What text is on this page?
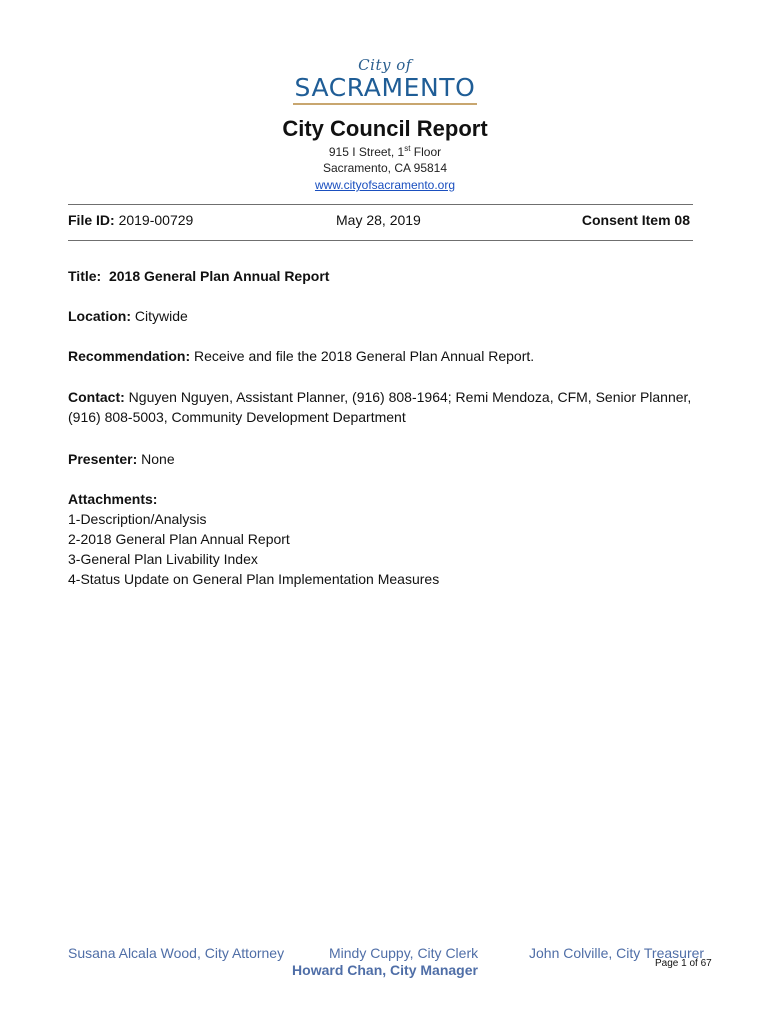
City of
SACRAMENTO
City Council Report
915 I Street, 1st Floor
Sacramento, CA 95814
www.cityofsacramento.org
File ID: 2019-00729	May 28, 2019	Consent Item 08
Title: 2018 General Plan Annual Report
Location: Citywide
Recommendation: Receive and file the 2018 General Plan Annual Report.
Contact: Nguyen Nguyen, Assistant Planner, (916) 808-1964; Remi Mendoza, CFM, Senior Planner, (916) 808-5003, Community Development Department
Presenter: None
Attachments:
1-Description/Analysis
2-2018 General Plan Annual Report
3-General Plan Livability Index
4-Status Update on General Plan Implementation Measures
Susana Alcala Wood, City Attorney	Mindy Cuppy, City Clerk	John Colville, City Treasurer
Howard Chan, City Manager	Page 1 of 67
